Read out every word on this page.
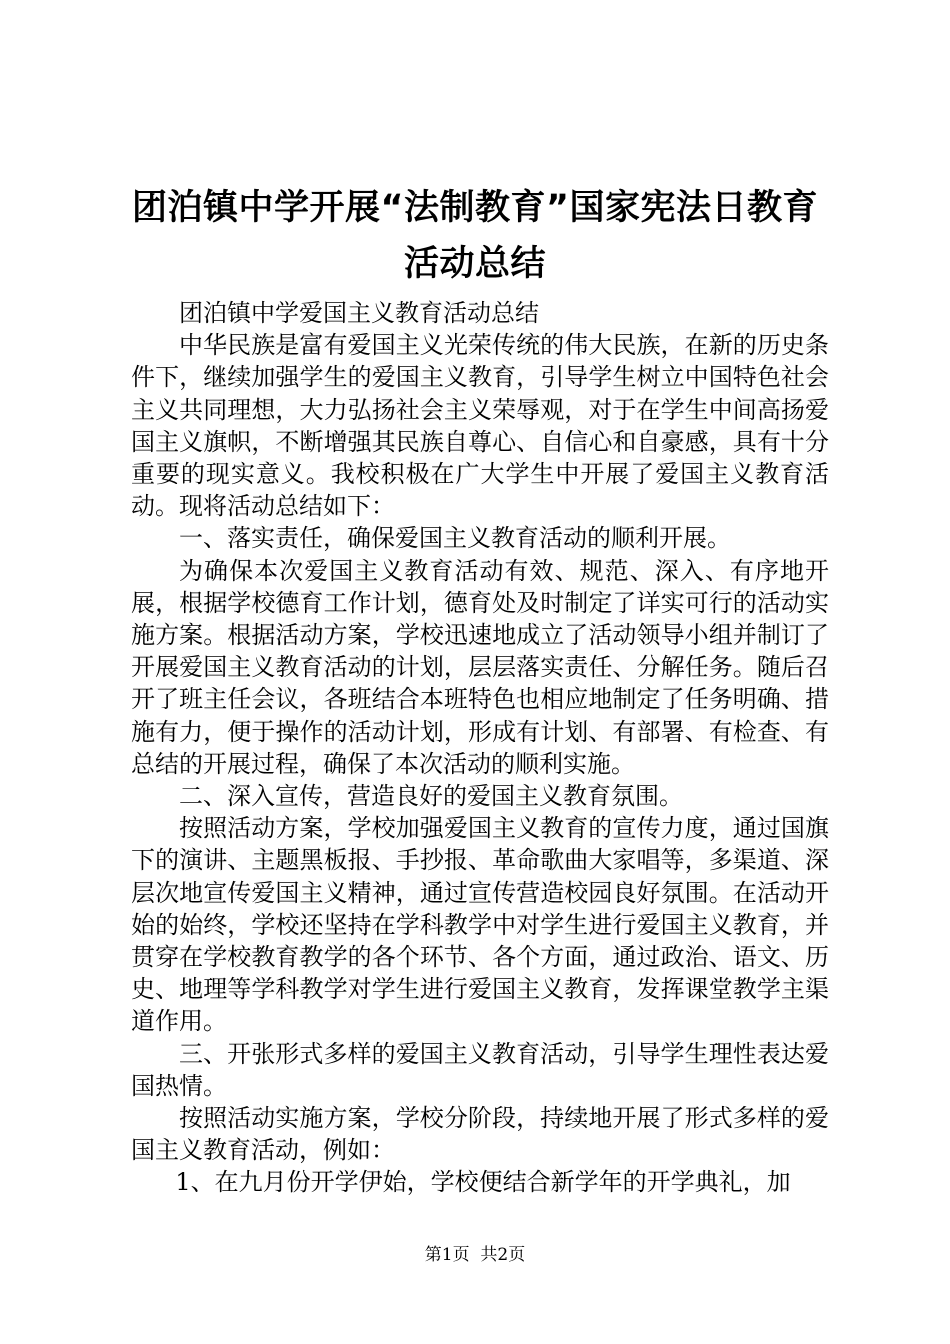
团泊镇中学开展“法制教育”国家宪法日教育
活动总结

团泊镇中学爱国主义教育活动总结

中华民族是富有爱国主义光荣传统的伟大民族，在新的历史条件下，继续加强学生的爱国主义教育，引导学生树立中国特色社会主义共同理想，大力弘扬社会主义荣辱观，对于在学生中间高扬爱国主义旗帜，不断增强其民族自尊心、自信心和自豪感，具有十分重要的现实意义。我校积极在广大学生中开展了爱国主义教育活动。现将活动总结如下：

一、落实责任，确保爱国主义教育活动的顺利开展。

为确保本次爱国主义教育活动有效、规范、深入、有序地开展，根据学校德育工作计划，德育处及时制定了详实可行的活动实施方案。根据活动方案，学校迅速地成立了活动领导小组并制订了开展爱国主义教育活动的计划，层层落实责任、分解任务。随后召开了班主任会议，各班结合本班特色也相应地制定了任务明确、措施有力，便于操作的活动计划，形成有计划、有部署、有检查、有总结的开展过程，确保了本次活动的顺利实施。

二、深入宣传，营造良好的爱国主义教育氛围。

按照活动方案，学校加强爱国主义教育的宣传力度，通过国旗下的演讲、主题黑板报、手抄报、革命歌曲大家唱等，多渠道、深层次地宣传爱国主义精神，通过宣传营造校园良好氛围。在活动开始的始终，学校还坚持在学科教学中对学生进行爱国主义教育，并贯穿在学校教育教学的各个环节、各个方面，通过政治、语文、历史、地理等学科教学对学生进行爱国主义教育，发挥课堂教学主渠道作用。

三、开张形式多样的爱国主义教育活动，引导学生理性表达爱国热情。

按照活动实施方案，学校分阶段，持续地开展了形式多样的爱国主义教育活动，例如：

1、在九月份开学伊始，学校便结合新学年的开学典礼，加

第1页  共2页
